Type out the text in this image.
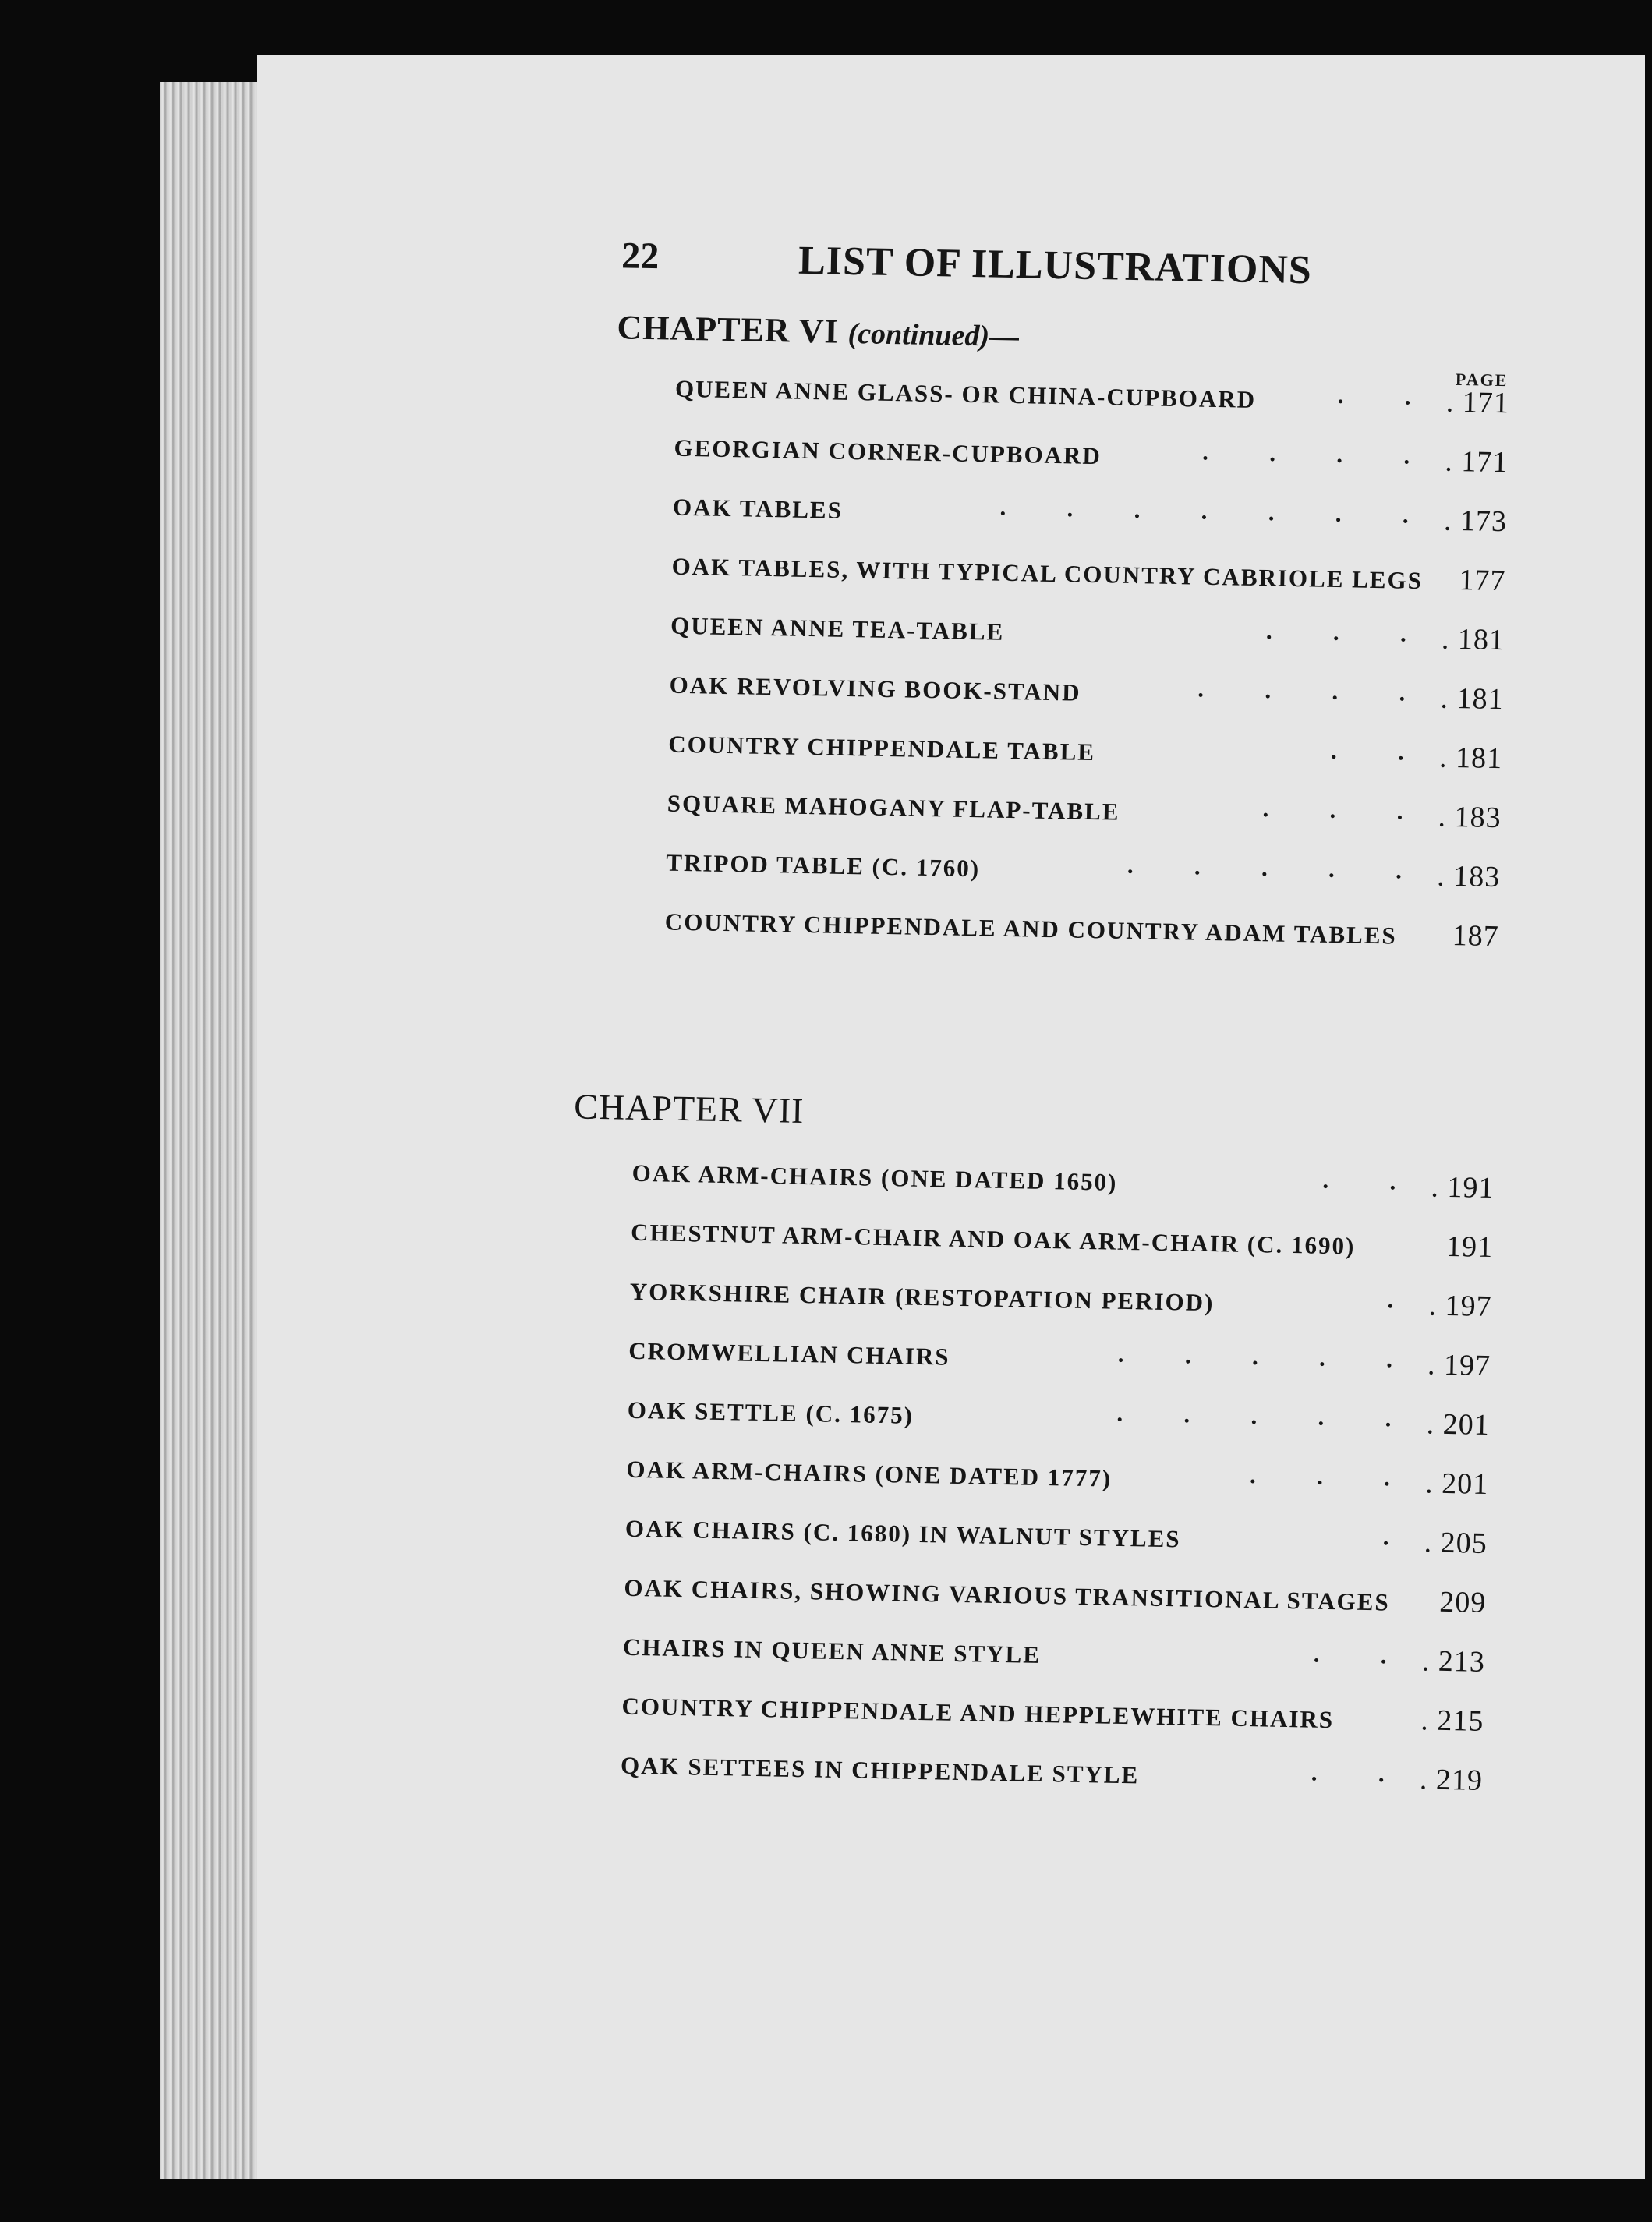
22	LIST OF ILLUSTRATIONS
CHAPTER VI (continued)—
PAGE
QUEEN ANNE GLASS- OR CHINA-CUPBOARD	· · . 171
GEORGIAN CORNER-CUPBOARD	· · · · . 171
OAK TABLES	· · · · · · · . 173
OAK TABLES, WITH TYPICAL COUNTRY CABRIOLE LEGS 177
QUEEN ANNE TEA-TABLE	· · · . 181
OAK REVOLVING BOOK-STAND	· · · · . 181
COUNTRY CHIPPENDALE TABLE	· · . 181
SQUARE MAHOGANY FLAP-TABLE	· · · . 183
TRIPOD TABLE (C. 1760)	· · · · · . 183
COUNTRY CHIPPENDALE AND COUNTRY ADAM TABLES 187
CHAPTER VII
OAK ARM-CHAIRS (ONE DATED 1650)	· · . 191
CHESTNUT ARM-CHAIR AND OAK ARM-CHAIR (C. 1690)	191
YORKSHIRE CHAIR (RESTOPATION PERIOD)	· . 197
CROMWELLIAN CHAIRS	· · · · · . 197
OAK SETTLE (C. 1675)	· · · · · . 201
OAK ARM-CHAIRS (ONE DATED 1777)	· · · . 201
OAK CHAIRS (C. 1680) IN WALNUT STYLES	· . 205
OAK CHAIRS, SHOWING VARIOUS TRANSITIONAL STAGES 209
CHAIRS IN QUEEN ANNE STYLE	· · . 213
COUNTRY CHIPPENDALE AND HEPPLEWHITE CHAIRS	. 215
QAK SETTEES IN CHIPPENDALE STYLE	· · . 219
